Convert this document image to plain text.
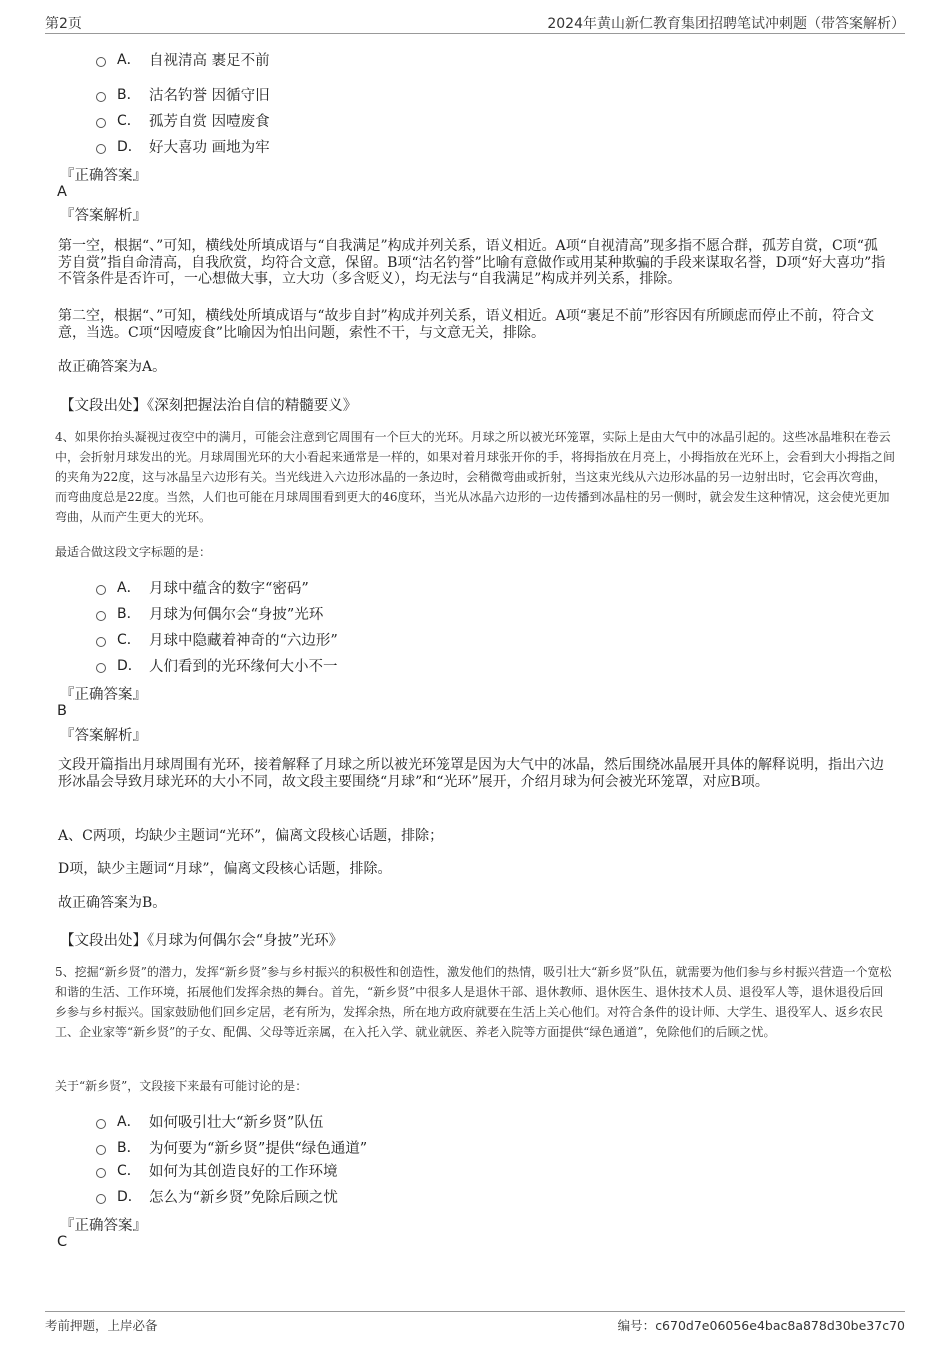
第2页	2024年黄山新仁教育集团招聘笔试冲刺题（带答案解析）
A． 自视清高 裹足不前
B． 沽名钓誉 因循守旧
C． 孤芳自赏 因噎废食
D． 好大喜功 画地为牢
『正确答案』
A
『答案解析』
第一空，根据“、”可知，横线处所填成语与“自我满足”构成并列关系，语义相近。A项“自视清高”现多指不愿合群，孤芳自赏，C项“孤芳自赏”指自命清高，自我欣赏，均符合文意，保留。B项“沽名钓誉”比喻有意做作或用某种欺骗的手段来谋取名誉，D项“好大喜功”指不管条件是否许可，一心想做大事，立大功（多含贬义），均无法与“自我满足”构成并列关系，排除。
第二空，根据“、”可知，横线处所填成语与“故步自封”构成并列关系，语义相近。A项“裹足不前”形容因有所顾虑而停止不前，符合文意，当选。C项“因噎废食”比喻因为怕出问题，索性不干，与文意无关，排除。
故正确答案为A。
【文段出处】《深刻把握法治自信的精髓要义》
4、如果你抬头凝视过夜空中的满月，可能会注意到它周围有一个巨大的光环。月球之所以被光环笼罩，实际上是由大气中的冰晶引起的。这些冰晶堆积在卷云中，会折射月球发出的光。月球周围光环的大小看起来通常是一样的，如果对着月球张开你的手，将拇指放在月亮上，小拇指放在光环上，会看到大小拇指之间的夹角为22度，这与冰晶呈六边形有关。当光线进入六边形冰晶的一条边时，会稍微弯曲或折射，当这束光线从六边形冰晶的另一边射出时，它会再次弯曲，而弯曲度总是22度。当然，人们也可能在月球周围看到更大的46度环，当光从冰晶六边形的一边传播到冰晶柱的另一侧时，就会发生这种情况，这会使光更加弯曲，从而产生更大的光环。
最适合做这段文字标题的是：
A． 月球中蕴含的数字“密码”
B． 月球为何偶尔会“身披”光环
C． 月球中隐藏着神奇的“六边形”
D． 人们看到的光环缘何大小不一
『正确答案』
B
『答案解析』
文段开篇指出月球周围有光环，接着解释了月球之所以被光环笼罩是因为大气中的冰晶，然后围绕冰晶展开具体的解释说明，指出六边形冰晶会导致月球光环的大小不同，故文段主要围绕“月球”和“光环”展开，介绍月球为何会被光环笼罩，对应B项。
A、C两项，均缺少主题词“光环”，偏离文段核心话题，排除；
D项，缺少主题词“月球”，偏离文段核心话题，排除。
故正确答案为B。
【文段出处】《月球为何偶尔会“身披”光环》
5、挖掘“新乡贤”的潜力，发挥“新乡贤”参与乡村振兴的积极性和创造性，激发他们的热情，吸引壮大“新乡贤”队伍，就需要为他们参与乡村振兴营造一个宽松和谐的生活、工作环境，拓展他们发挥余热的舞台。首先，“新乡贤”中很多人是退休干部、退休教师、退休医生、退休技术人员、退役军人等，退休退役后回乡参与乡村振兴。国家鼓励他们回乡定居，老有所为，发挥余热，所在地方政府就要在生活上关心他们。对符合条件的设计师、大学生、退役军人、返乡农民工、企业家等“新乡贤”的子女、配偶、父母等近亲属，在入托入学、就业就医、养老入院等方面提供“绿色通道”，免除他们的后顾之忧。
关于“新乡贤”，文段接下来最有可能讨论的是：
A． 如何吸引壮大“新乡贤”队伍
B． 为何要为“新乡贤”提供“绿色通道”
C． 如何为其创造良好的工作环境
D． 怎么为“新乡贤”免除后顾之忧
『正确答案』
C
考前押题，上岸必备	编号：c670d7e06056e4bac8a878d30be37c70
